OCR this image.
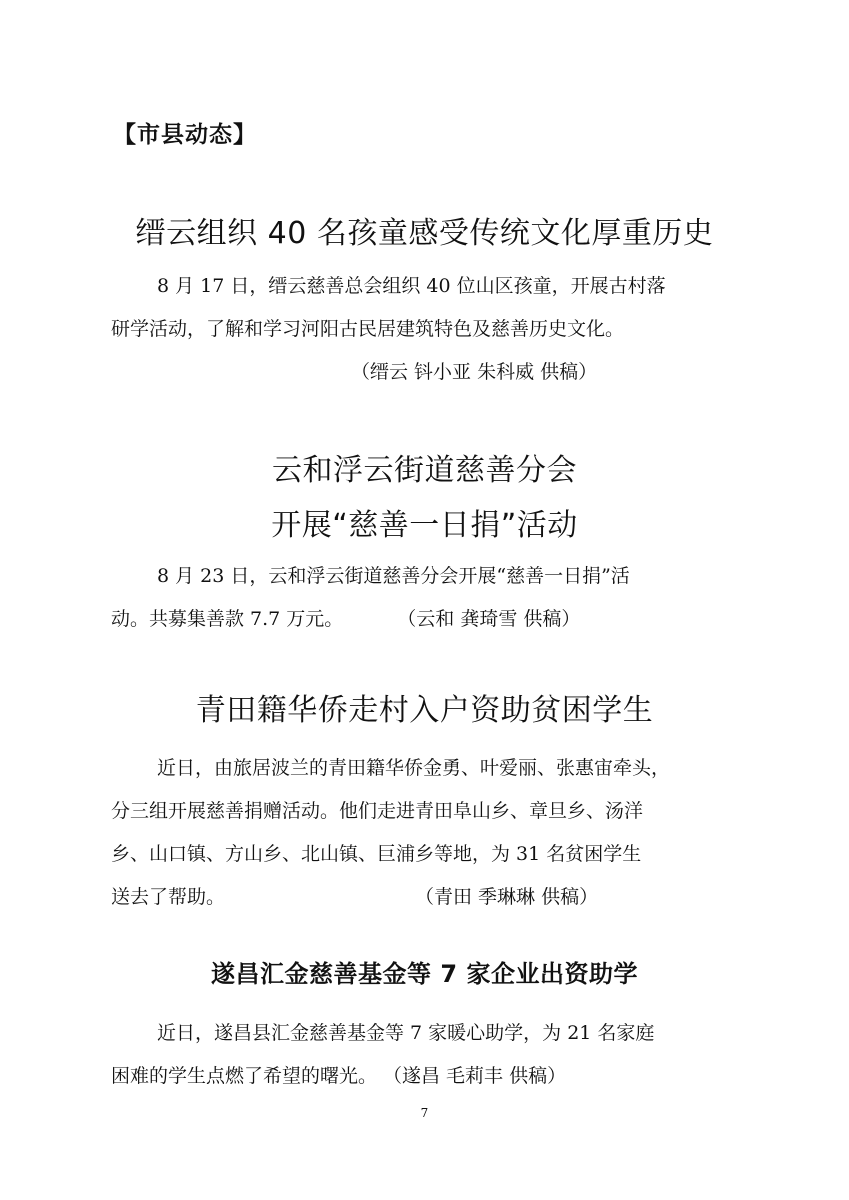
【市县动态】
缙云组织 40 名孩童感受传统文化厚重历史
8 月 17 日，缙云慈善总会组织 40 位山区孩童，开展古村落
研学活动，了解和学习河阳古民居建筑特色及慈善历史文化。
（缙云 钭小亚 朱科威 供稿）
云和浮云街道慈善分会
开展“慈善一日捐”活动
8 月 23 日，云和浮云街道慈善分会开展“慈善一日捐”活
动。共募集善款 7.7 万元。	（云和 龚琦雪 供稿）
青田籍华侨走村入户资助贫困学生
近日，由旅居波兰的青田籍华侨金勇、叶爱丽、张惠宙牵头，
分三组开展慈善捐赠活动。他们走进青田阜山乡、章旦乡、汤洋
乡、山口镇、方山乡、北山镇、巨浦乡等地，为 31 名贫困学生
送去了帮助。	（青田 季琳琳 供稿）
遂昌汇金慈善基金等 7 家企业出资助学
近日，遂昌县汇金慈善基金等 7 家暖心助学，为 21 名家庭
困难的学生点燃了希望的曙光。 （遂昌 毛莉丰 供稿）
7
